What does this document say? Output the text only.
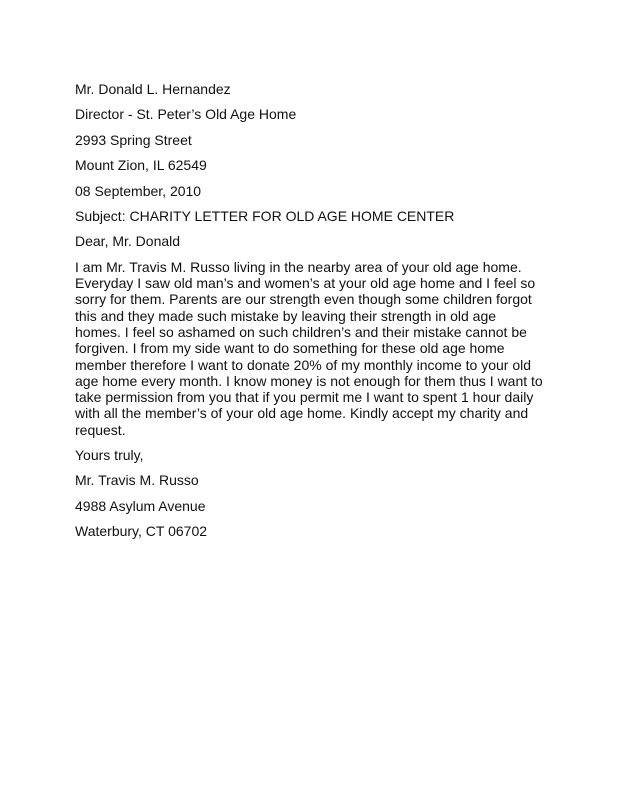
Mr. Donald L. Hernandez
Director - St. Peter’s Old Age Home
2993 Spring Street
Mount Zion, IL 62549
08 September, 2010
Subject: CHARITY LETTER FOR OLD AGE HOME CENTER
Dear, Mr. Donald
I am Mr. Travis M. Russo living in the nearby area of your old age home.
Everyday I saw old man’s and women’s at your old age home and I feel so
sorry for them. Parents are our strength even though some children forgot
this and they made such mistake by leaving their strength in old age
homes. I feel so ashamed on such children’s and their mistake cannot be
forgiven. I from my side want to do something for these old age home
member therefore I want to donate 20% of my monthly income to your old
age home every month. I know money is not enough for them thus I want to
take permission from you that if you permit me I want to spent 1 hour daily
with all the member’s of your old age home. Kindly accept my charity and
request.
Yours truly,
Mr. Travis M. Russo
4988 Asylum Avenue
Waterbury, CT 06702
